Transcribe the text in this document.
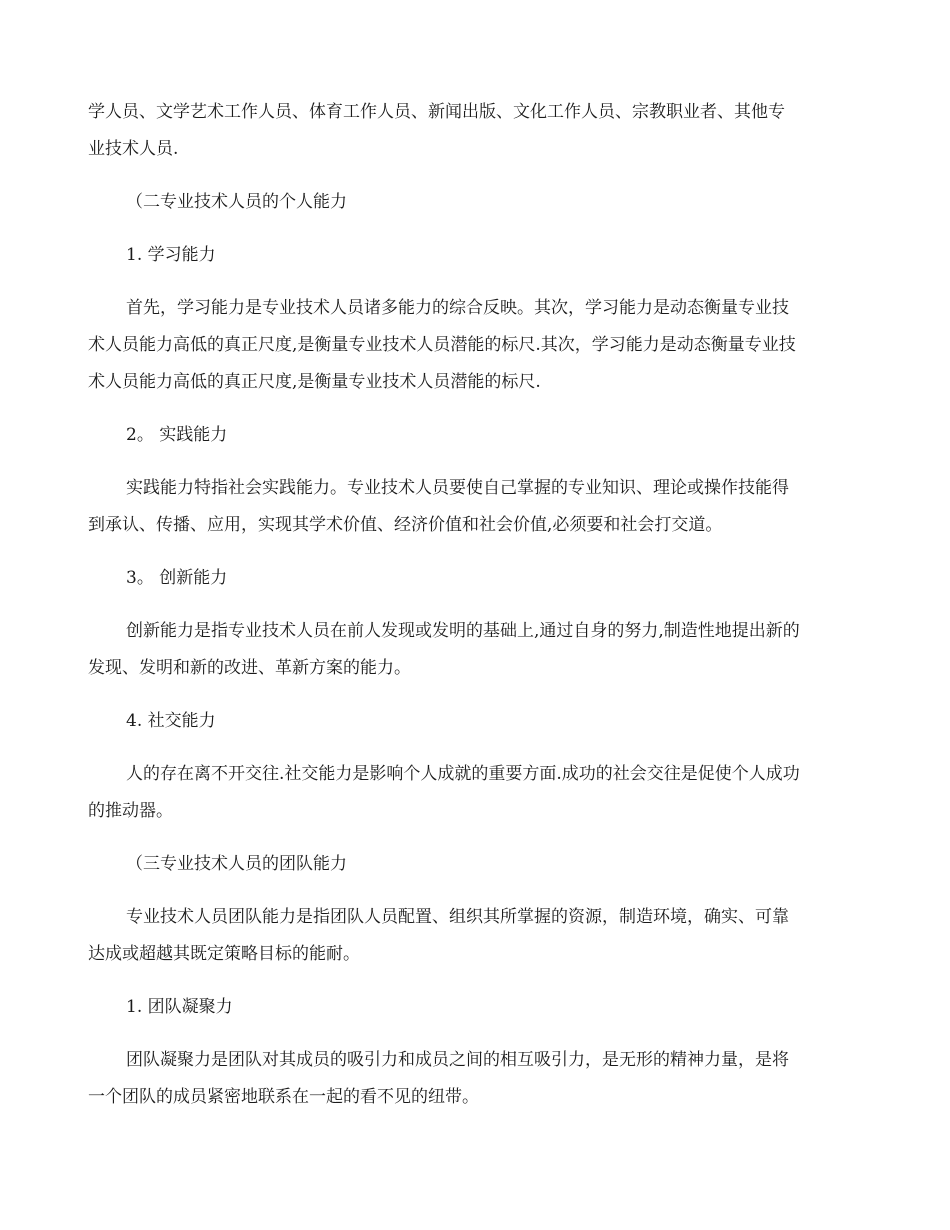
学人员、文学艺术工作人员、体育工作人员、新闻出版、文化工作人员、宗教职业者、其他专
业技术人员.
（二专业技术人员的个人能力
1. 学习能力
首先，学习能力是专业技术人员诸多能力的综合反映。其次，学习能力是动态衡量专业技
术人员能力高低的真正尺度,是衡量专业技术人员潜能的标尺.其次，学习能力是动态衡量专业技
术人员能力高低的真正尺度,是衡量专业技术人员潜能的标尺.
2。 实践能力
实践能力特指社会实践能力。专业技术人员要使自己掌握的专业知识、理论或操作技能得
到承认、传播、应用，实现其学术价值、经济价值和社会价值,必须要和社会打交道。
3。 创新能力
创新能力是指专业技术人员在前人发现或发明的基础上,通过自身的努力,制造性地提出新的
发现、发明和新的改进、革新方案的能力。
4. 社交能力
人的存在离不开交往.社交能力是影响个人成就的重要方面.成功的社会交往是促使个人成功
的推动器。
（三专业技术人员的团队能力
专业技术人员团队能力是指团队人员配置、组织其所掌握的资源，制造环境，确实、可靠
达成或超越其既定策略目标的能耐。
1. 团队凝聚力
团队凝聚力是团队对其成员的吸引力和成员之间的相互吸引力，是无形的精神力量，是将
一个团队的成员紧密地联系在一起的看不见的纽带。
